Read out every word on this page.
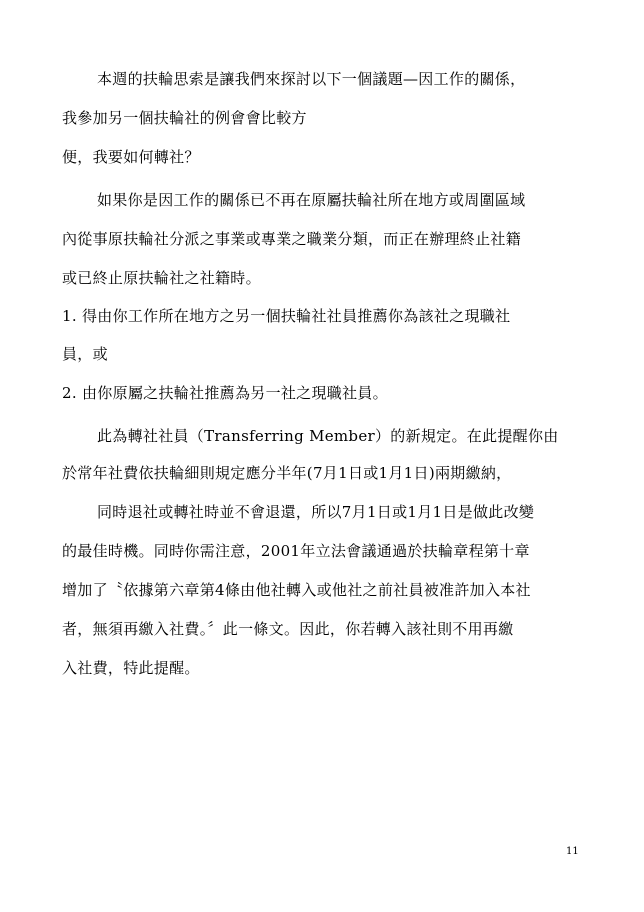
本週的扶輪思索是讓我們來探討以下一個議題—因工作的關係，
我參加另一個扶輪社的例會會比較方
便，我要如何轉社？
如果你是因工作的關係已不再在原屬扶輪社所在地方或周圍區域
內從事原扶輪社分派之事業或專業之職業分類，而正在辦理終止社籍
或已終止原扶輪社之社籍時。
1. 得由你工作所在地方之另一個扶輪社社員推薦你為該社之現職社
員，或
2. 由你原屬之扶輪社推薦為另一社之現職社員。
此為轉社社員（Transferring Member）的新規定。在此提醒你由
於常年社費依扶輪細則規定應分半年(7月1日或1月1日)兩期繳納，
同時退社或轉社時並不會退還，所以7月1日或1月1日是做此改變
的最佳時機。同時你需注意，2001年立法會議通過於扶輪章程第十章
增加了〝依據第六章第4條由他社轉入或他社之前社員被准許加入本社
者，無須再繳入社費。〞此一條文。因此，你若轉入該社則不用再繳
入社費，特此提醒。
11
